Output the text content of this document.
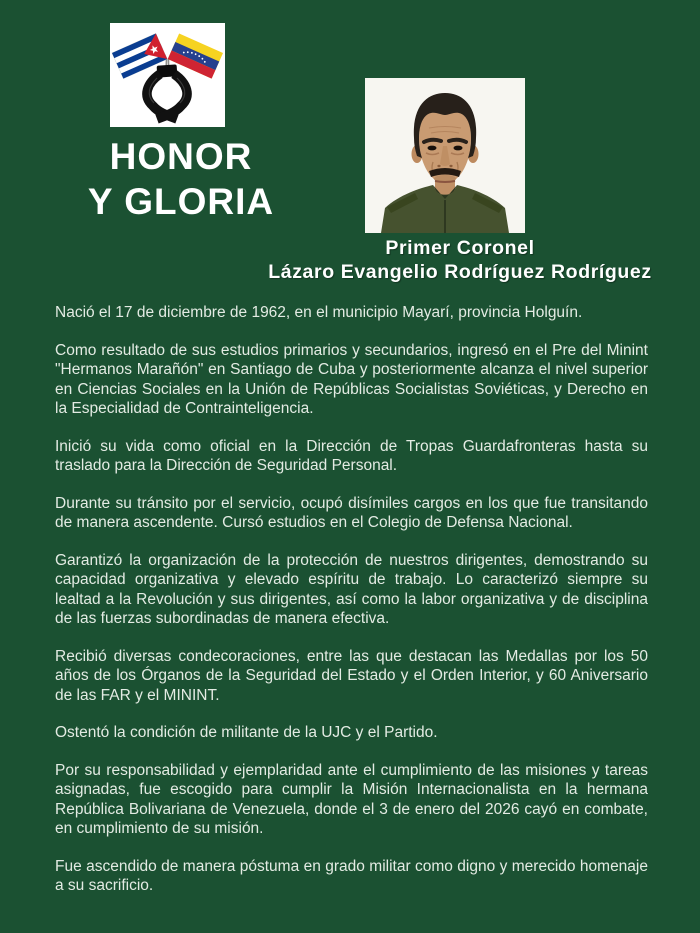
HONOR
Y GLORIA
Primer Coronel
Lázaro Evangelio Rodríguez Rodríguez

Nació el 17 de diciembre de 1962, en el municipio Mayarí, provincia Holguín.

Como resultado de sus estudios primarios y secundarios, ingresó en el Pre del Minint "Hermanos Marañón" en Santiago de Cuba y posteriormente alcanza el nivel superior en Ciencias Sociales en la Unión de Repúblicas Socialistas Soviéticas, y Derecho en la Especialidad de Contrainteligencia.

Inició su vida como oficial en la Dirección de Tropas Guardafronteras hasta su traslado para la Dirección de Seguridad Personal.

Durante su tránsito por el servicio, ocupó disímiles cargos en los que fue transitando de manera ascendente. Cursó estudios en el Colegio de Defensa Nacional.

Garantizó la organización de la protección de nuestros dirigentes, demostrando su capacidad organizativa y elevado espíritu de trabajo. Lo caracterizó siempre su lealtad a la Revolución y sus dirigentes, así como la labor organizativa y de disciplina de las fuerzas subordinadas de manera efectiva.

Recibió diversas condecoraciones, entre las que destacan las Medallas por los 50 años de los Órganos de la Seguridad del Estado y el Orden Interior, y 60 Aniversario de las FAR y el MININT.

Ostentó la condición de militante de la UJC y el Partido.

Por su responsabilidad y ejemplaridad ante el cumplimiento de las misiones y tareas asignadas, fue escogido para cumplir la Misión Internacionalista en la hermana República Bolivariana de Venezuela, donde el 3 de enero del 2026 cayó en combate, en cumplimiento de su misión.

Fue ascendido de manera póstuma en grado militar como digno y merecido homenaje a su sacrificio.
